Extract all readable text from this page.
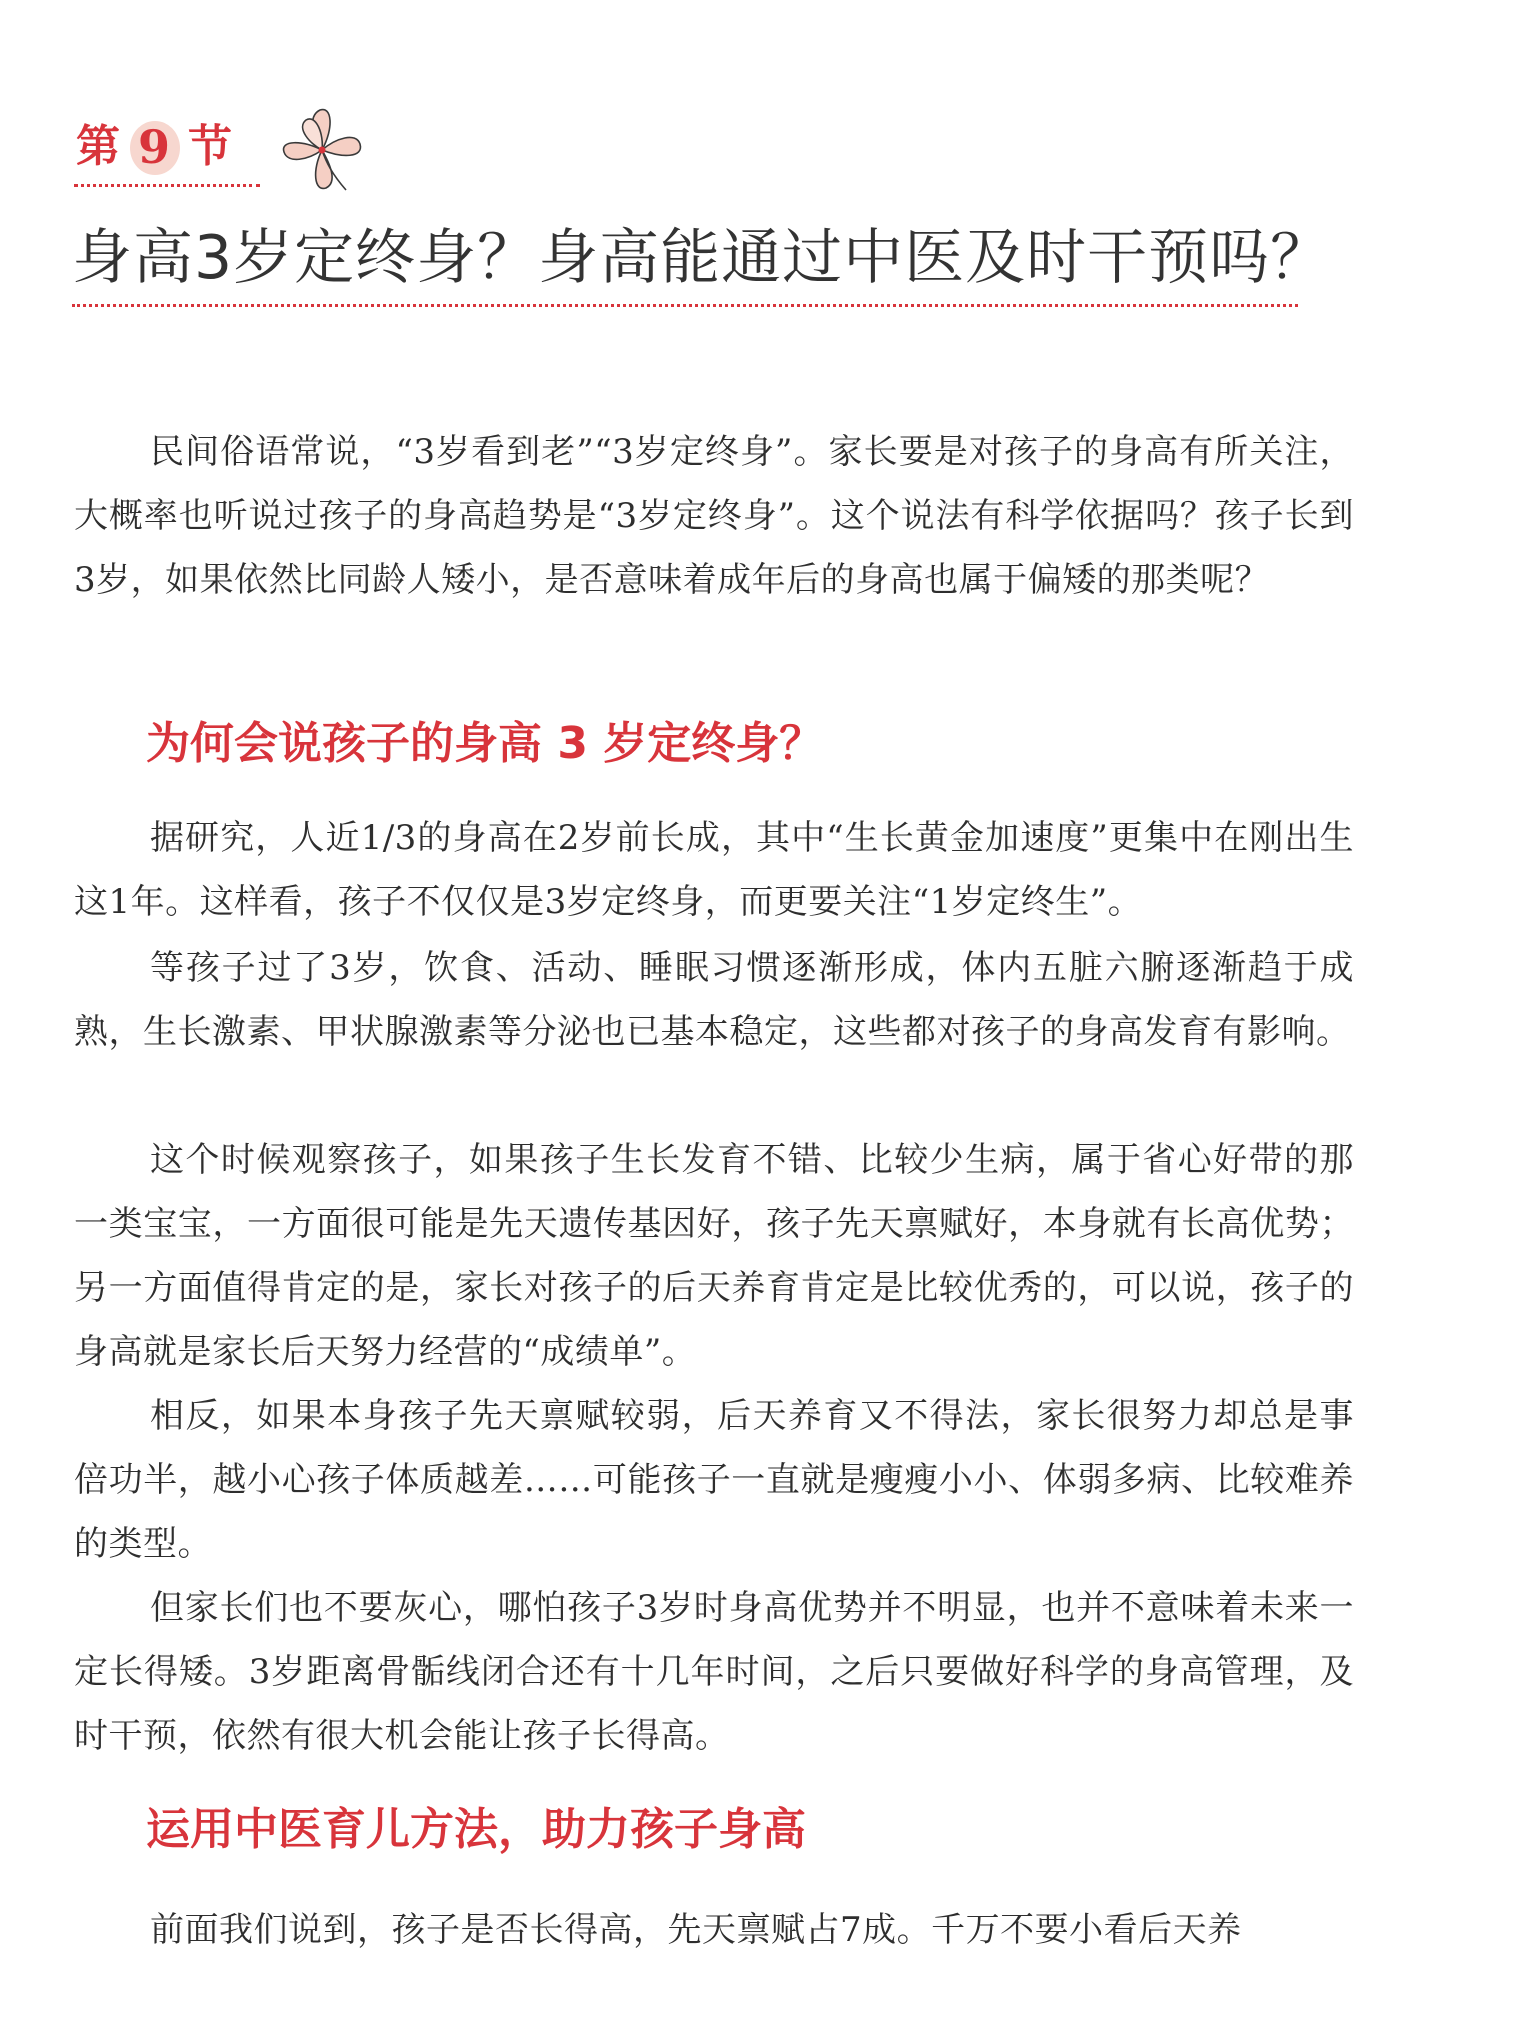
第 9 节
身高3岁定终身？身高能通过中医及时干预吗？

民间俗语常说，“3岁看到老”“3岁定终身”。家长要是对孩子的身高有所关注，大概率也听说过孩子的身高趋势是“3岁定终身”。这个说法有科学依据吗？孩子长到3岁，如果依然比同龄人矮小，是否意味着成年后的身高也属于偏矮的那类呢？

为何会说孩子的身高 3 岁定终身？

据研究，人近1/3的身高在2岁前长成，其中“生长黄金加速度”更集中在刚出生这1年。这样看，孩子不仅仅是3岁定终身，而更要关注“1岁定终生”。

等孩子过了3岁，饮食、活动、睡眠习惯逐渐形成，体内五脏六腑逐渐趋于成熟，生长激素、甲状腺激素等分泌也已基本稳定，这些都对孩子的身高发育有影响。

这个时候观察孩子，如果孩子生长发育不错、比较少生病，属于省心好带的那一类宝宝，一方面很可能是先天遗传基因好，孩子先天禀赋好，本身就有长高优势；另一方面值得肯定的是，家长对孩子的后天养育肯定是比较优秀的，可以说，孩子的身高就是家长后天努力经营的“成绩单”。

相反，如果本身孩子先天禀赋较弱，后天养育又不得法，家长很努力却总是事倍功半，越小心孩子体质越差……可能孩子一直就是瘦瘦小小、体弱多病、比较难养的类型。

但家长们也不要灰心，哪怕孩子3岁时身高优势并不明显，也并不意味着未来一定长得矮。3岁距离骨骺线闭合还有十几年时间，之后只要做好科学的身高管理，及时干预，依然有很大机会能让孩子长得高。

运用中医育儿方法，助力孩子身高

前面我们说到，孩子是否长得高，先天禀赋占7成。千万不要小看后天养
